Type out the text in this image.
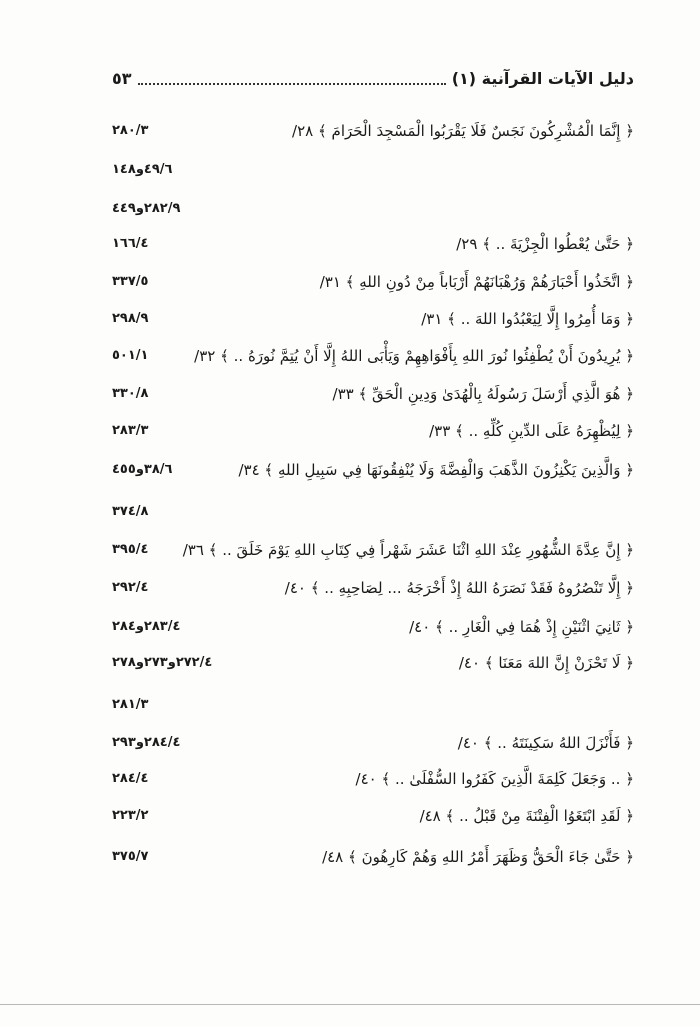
دليل الآيات القرآنية (١)
٥٣
﴿ إِنَّمَا الْمُشْرِكُونَ نَجَسٌ فَلَا يَقْرَبُوا الْمَسْجِدَ الْحَرَامَ ﴾ ٢٨/
٢٨٠/٣
٤٩/٦و١٤٨
٢٨٢/٩و٤٤٩
﴿ حَتَّىٰ يُعْطُوا الْجِزْيَةَ .. ﴾ ٢٩/
١٦٦/٤
﴿ اتَّخَذُوا أَحْبَارَهُمْ وَرُهْبَانَهُمْ أَرْبَاباً مِنْ دُونِ اللهِ ﴾ ٣١/
٣٣٧/٥
﴿ وَمَا أُمِرُوا إِلَّا لِيَعْبُدُوا اللهَ .. ﴾ ٣١/
٢٩٨/٩
﴿ يُرِيدُونَ أَنْ يُطْفِئُوا نُورَ اللهِ بِأَفْوَاهِهِمْ وَيَأْبَى اللهُ إِلَّا أَنْ يُتِمَّ نُورَهُ .. ﴾ ٣٢/
٥٠١/١
﴿ هُوَ الَّذِي أَرْسَلَ رَسُولَهُ بِالْهُدَىٰ وَدِينِ الْحَقِّ ﴾ ٣٣/
٣٣٠/٨
﴿ لِيُظْهِرَهُ عَلَى الدِّينِ كُلِّهِ .. ﴾ ٣٣/
٢٨٣/٣
﴿ وَالَّذِينَ يَكْنِزُونَ الذَّهَبَ وَالْفِضَّةَ وَلَا يُنْفِقُونَهَا فِي سَبِيلِ اللهِ ﴾ ٣٤/
٣٨/٦و٤٥٥
٣٧٤/٨
﴿ إِنَّ عِدَّةَ الشُّهُورِ عِنْدَ اللهِ اثْنَا عَشَرَ شَهْراً فِي كِتَابِ اللهِ يَوْمَ خَلَقَ .. ﴾ ٣٦/
٣٩٥/٤
﴿ إِلَّا تَنْصُرُوهُ فَقَدْ نَصَرَهُ اللهُ إِذْ أَخْرَجَهُ ... لِصَاحِبِهِ .. ﴾ ٤٠/
٢٩٢/٤
﴿ ثَانِيَ اثْنَيْنِ إِذْ هُمَا فِي الْغَارِ .. ﴾ ٤٠/
٢٨٣/٤و٢٨٤
﴿ لَا تَحْزَنْ إِنَّ اللهَ مَعَنَا ﴾ ٤٠/
٢٧٢/٤و٢٧٣و٢٧٨
٢٨١/٣
﴿ فَأَنْزَلَ اللهُ سَكِينَتَهُ .. ﴾ ٤٠/
٢٨٤/٤و٢٩٣
﴿ .. وَجَعَلَ كَلِمَةَ الَّذِينَ كَفَرُوا السُّفْلَىٰ .. ﴾ ٤٠/
٢٨٤/٤
﴿ لَقَدِ ابْتَغَوُا الْفِتْنَةَ مِنْ قَبْلُ .. ﴾ ٤٨/
٢٢٣/٢
﴿ حَتَّىٰ جَاءَ الْحَقُّ وَظَهَرَ أَمْرُ اللهِ وَهُمْ كَارِهُونَ ﴾ ٤٨/
٣٧٥/٧
